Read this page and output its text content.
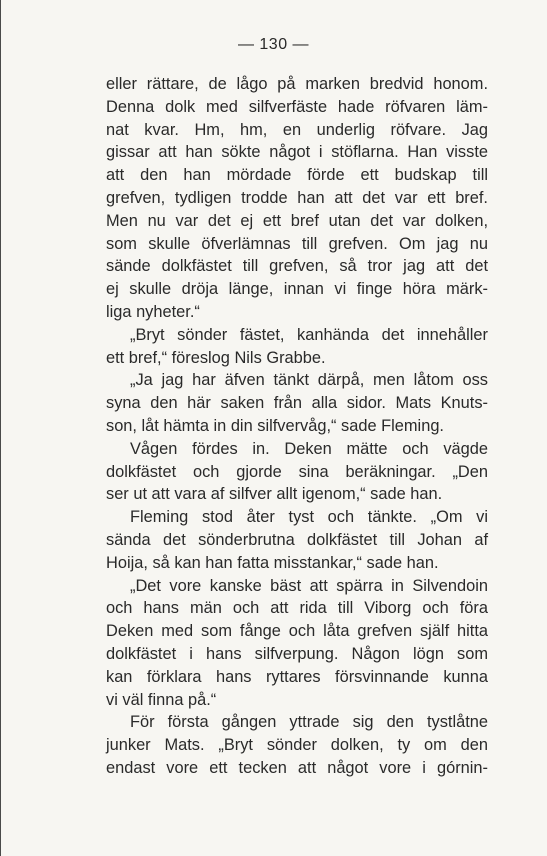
— 130 —
eller rättare, de lågo på marken bredvid honom.
Denna dolk med silfverfäste hade röfvaren läm-
nat kvar. Hm, hm, en underlig röfvare. Jag
gissar att han sökte något i stöflarna. Han visste
att den han mördade förde ett budskap till
grefven, tydligen trodde han att det var ett bref.
Men nu var det ej ett bref utan det var dolken,
som skulle öfverlämnas till grefven. Om jag nu
sände dolkfästet till grefven, så tror jag att det
ej skulle dröja länge, innan vi finge höra märk-
liga nyheter.“
„Bryt sönder fästet, kanhända det innehåller
ett bref,“ föreslog Nils Grabbe.
„Ja jag har äfven tänkt därpå, men låtom oss
syna den här saken från alla sidor. Mats Knuts-
son, låt hämta in din silfvervåg,“ sade Fleming.
Vågen fördes in. Deken mätte och vägde
dolkfästet och gjorde sina beräkningar. „Den
ser ut att vara af silfver allt igenom,“ sade han.
Fleming stod åter tyst och tänkte. „Om vi
sända det sönderbrutna dolkfästet till Johan af
Hoija, så kan han fatta misstankar,“ sade han.
„Det vore kanske bäst att spärra in Silvendoin
och hans män och att rida till Viborg och föra
Deken med som fånge och låta grefven själf hitta
dolkfästet i hans silfverpung. Någon lögn som
kan förklara hans ryttares försvinnande kunna
vi väl finna på.“
För första gången yttrade sig den tystlåtne
junker Mats. „Bryt sönder dolken, ty om den
endast vore ett tecken att något vore i górnin-
